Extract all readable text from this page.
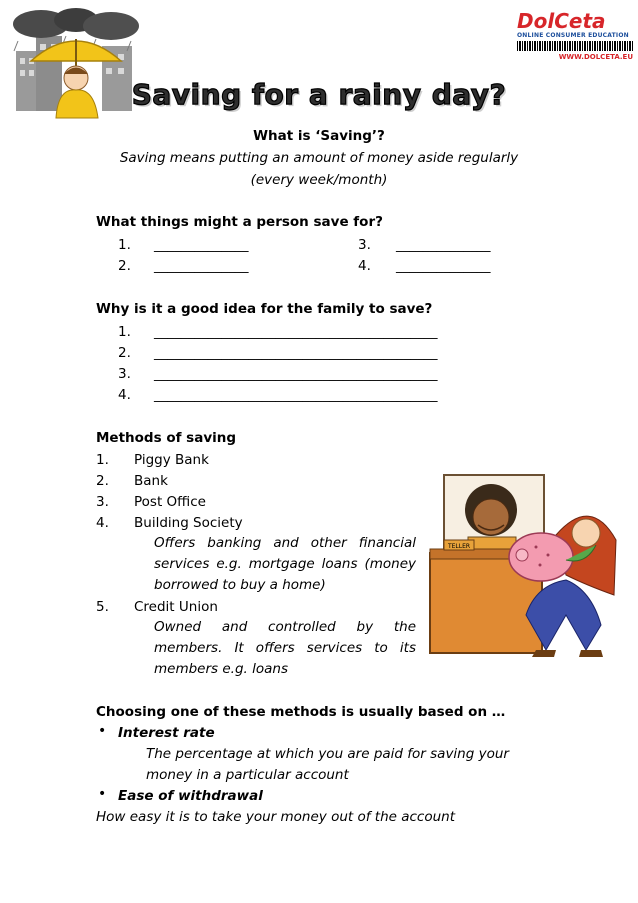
DolCeta
ONLINE CONSUMER EDUCATION
WWW.DOLCETA.EU
Saving for a rainy day?
What is ‘Saving’?
Saving means putting an amount of money aside regularly
(every week/month)
What things might a person save for?
1. ______________	3. ______________
2. ______________	4. ______________
Why is it a good idea for the family to save?
1. __________________________________________
2. __________________________________________
3. __________________________________________
4. __________________________________________
Methods of saving
1. Piggy Bank
2. Bank
3. Post Office
4. Building Society
Offers banking and other financial
services e.g. mortgage loans (money
borrowed to buy a home)
5. Credit Union
Owned and controlled by the
members. It offers services to its
members e.g. loans
TELLER
Choosing one of these methods is usually based on …
• Interest rate
The percentage at which you are paid for saving your
money in a particular account
• Ease of withdrawal
How easy it is to take your money out of the account
